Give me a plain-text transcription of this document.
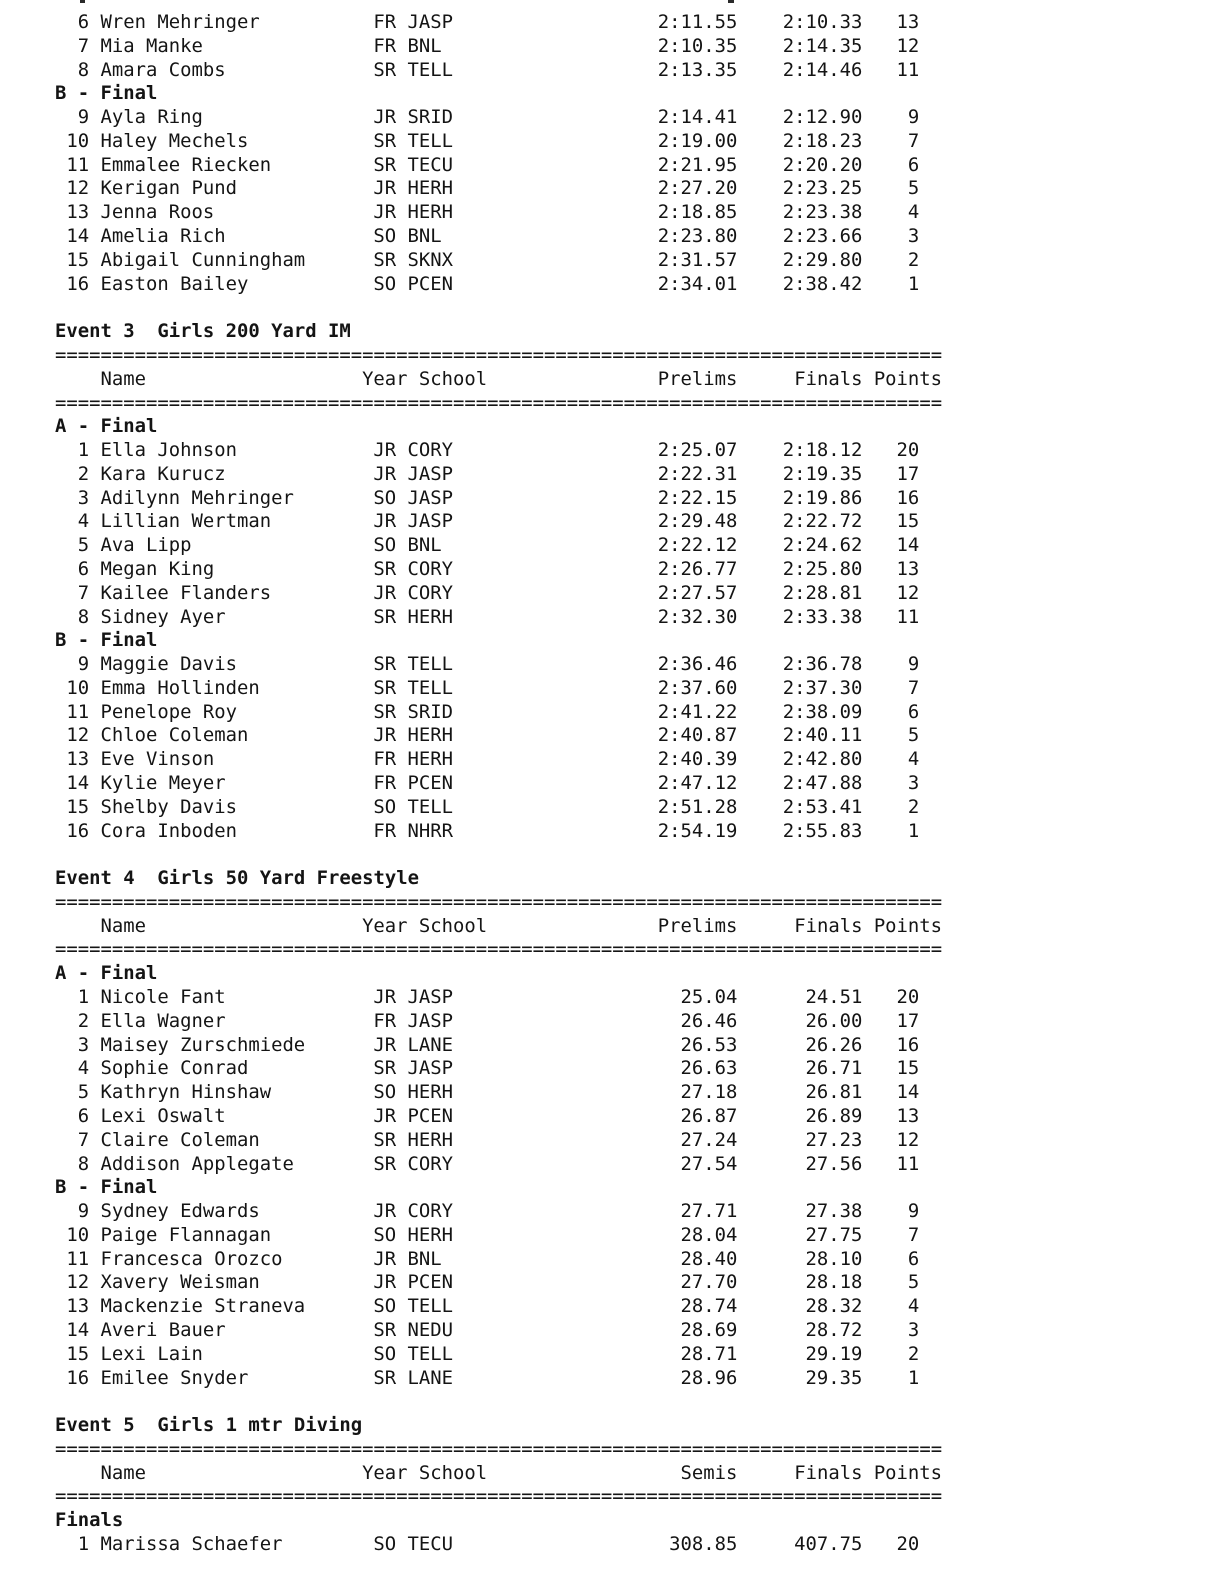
6 Wren Mehringer	FR JASP	2:11.55 2:10.33 13
7 Mia Manke	FR BNL	2:10.35 2:14.35 12
8 Amara Combs	SR TELL	2:13.35 2:14.46 11
B - Final
9 Ayla Ring	JR SRID	2:14.41 2:12.90 9
10 Haley Mechels	SR TELL	2:19.00 2:18.23 7
11 Emmalee Riecken	SR TECU	2:21.95 2:20.20 6
12 Kerigan Pund	JR HERH	2:27.20 2:23.25 5
13 Jenna Roos	JR HERH	2:18.85 2:23.38 4
14 Amelia Rich	SO BNL	2:23.80 2:23.66 3
15 Abigail Cunningham	SR SKNX	2:31.57 2:29.80 2
16 Easton Bailey	SO PCEN	2:34.01 2:38.42 1
Event 3  Girls 200 Yard IM
==============================================================================
Name	Year School	Prelims	Finals Points
==============================================================================
A - Final
1 Ella Johnson	JR CORY	2:25.07 2:18.12 20
2 Kara Kurucz	JR JASP	2:22.31 2:19.35 17
3 Adilynn Mehringer	SO JASP	2:22.15 2:19.86 16
4 Lillian Wertman	JR JASP	2:29.48 2:22.72 15
5 Ava Lipp	SO BNL	2:22.12 2:24.62 14
6 Megan King	SR CORY	2:26.77 2:25.80 13
7 Kailee Flanders	JR CORY	2:27.57 2:28.81 12
8 Sidney Ayer	SR HERH	2:32.30 2:33.38 11
B - Final
9 Maggie Davis	SR TELL	2:36.46 2:36.78 9
10 Emma Hollinden	SR TELL	2:37.60 2:37.30 7
11 Penelope Roy	SR SRID	2:41.22 2:38.09 6
12 Chloe Coleman	JR HERH	2:40.87 2:40.11 5
13 Eve Vinson	FR HERH	2:40.39 2:42.80 4
14 Kylie Meyer	FR PCEN	2:47.12 2:47.88 3
15 Shelby Davis	SO TELL	2:51.28 2:53.41 2
16 Cora Inboden	FR NHRR	2:54.19 2:55.83 1
Event 4  Girls 50 Yard Freestyle
==============================================================================
Name	Year School	Prelims	Finals Points
==============================================================================
A - Final
1 Nicole Fant	JR JASP	25.04	24.51 20
2 Ella Wagner	FR JASP	26.46	26.00 17
3 Maisey Zurschmiede	JR LANE	26.53	26.26 16
4 Sophie Conrad	SR JASP	26.63	26.71 15
5 Kathryn Hinshaw	SO HERH	27.18	26.81 14
6 Lexi Oswalt	JR PCEN	26.87	26.89 13
7 Claire Coleman	SR HERH	27.24	27.23 12
8 Addison Applegate	SR CORY	27.54	27.56 11
B - Final
9 Sydney Edwards	JR CORY	27.71	27.38 9
10 Paige Flannagan	SO HERH	28.04	27.75 7
11 Francesca Orozco	JR BNL	28.40	28.10 6
12 Xavery Weisman	JR PCEN	27.70	28.18 5
13 Mackenzie Straneva	SO TELL	28.74	28.32 4
14 Averi Bauer	SR NEDU	28.69	28.72 3
15 Lexi Lain	SO TELL	28.71	29.19 2
16 Emilee Snyder	SR LANE	28.96	29.35 1
Event 5  Girls 1 mtr Diving
==============================================================================
Name	Year School	Semis	Finals Points
==============================================================================
Finals
1 Marissa Schaefer	SO TECU	308.85	407.75 20
